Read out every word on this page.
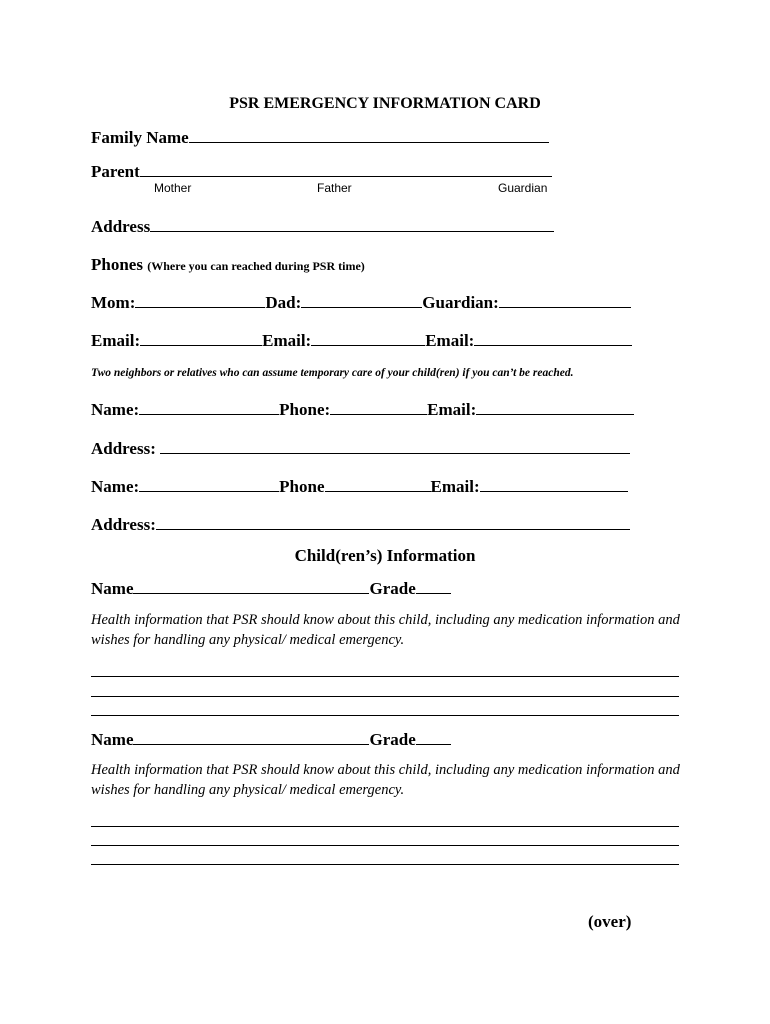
PSR EMERGENCY INFORMATION CARD
Family Name
Parent
Mother	Father	Guardian
Address
Phones (Where you can reached during PSR time)
Mom:	Dad:	Guardian:
Email:	Email:	Email:
Two neighbors or relatives who can assume temporary care of your child(ren) if you can’t be reached.
Name:	Phone:	Email:
Address:
Name:	Phone	Email:
Address:
Child(ren’s) Information
Name	Grade
Health information that PSR should know about this child, including any medication information and wishes for handling any physical/ medical emergency.
Name	Grade
Health information that PSR should know about this child, including any medication information and wishes for handling any physical/ medical emergency.
(over)
